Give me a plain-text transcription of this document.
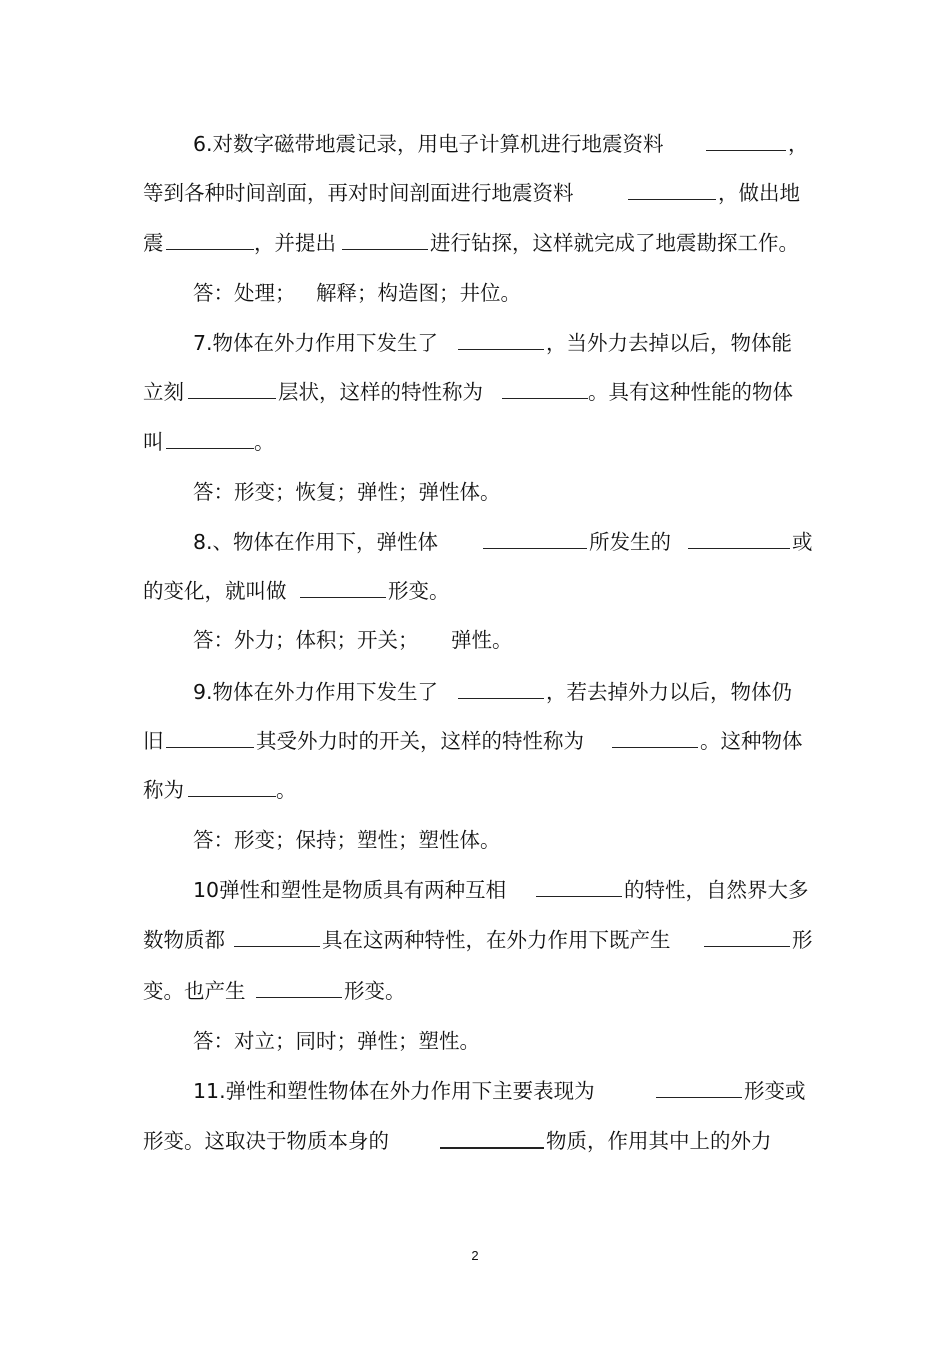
6.对数字磁带地震记录，用电子计算机进行地震资料

	，

等到各种时间剖面，再对时间剖面进行地震资料

	，做出地

震

	，并提出

	进行钻探，这样就完成了地震勘探工作。

答：处理；

解释；构造图；井位。

7.物体在外力作用下发生了

	，当外力去掉以后，物体能

立刻

	层状，这样的特性称为

	。具有这种性能的物体

叫

	。

答：形变；恢复；弹性；弹性体。

8.、物体在作用下，弹性体

	所发生的

	或

的变化，就叫做

	形变。

答：外力；体积；开关；

弹性。

9.物体在外力作用下发生了

	，若去掉外力以后，物体仍

旧

	其受外力时的开关，这样的特性称为

	。这种物体

称为

	。

答：形变；保持；塑性；塑性体。

10弹性和塑性是物质具有两种互相

	的特性，自然界大多

数物质都

	具在这两种特性，在外力作用下既产生

	形

变。也产生

	形变。

答：对立；同时；弹性；塑性。

11.弹性和塑性物体在外力作用下主要表现为

	形变或

形变。这取决于物质本身的

	物质，作用其中上的外力

2
